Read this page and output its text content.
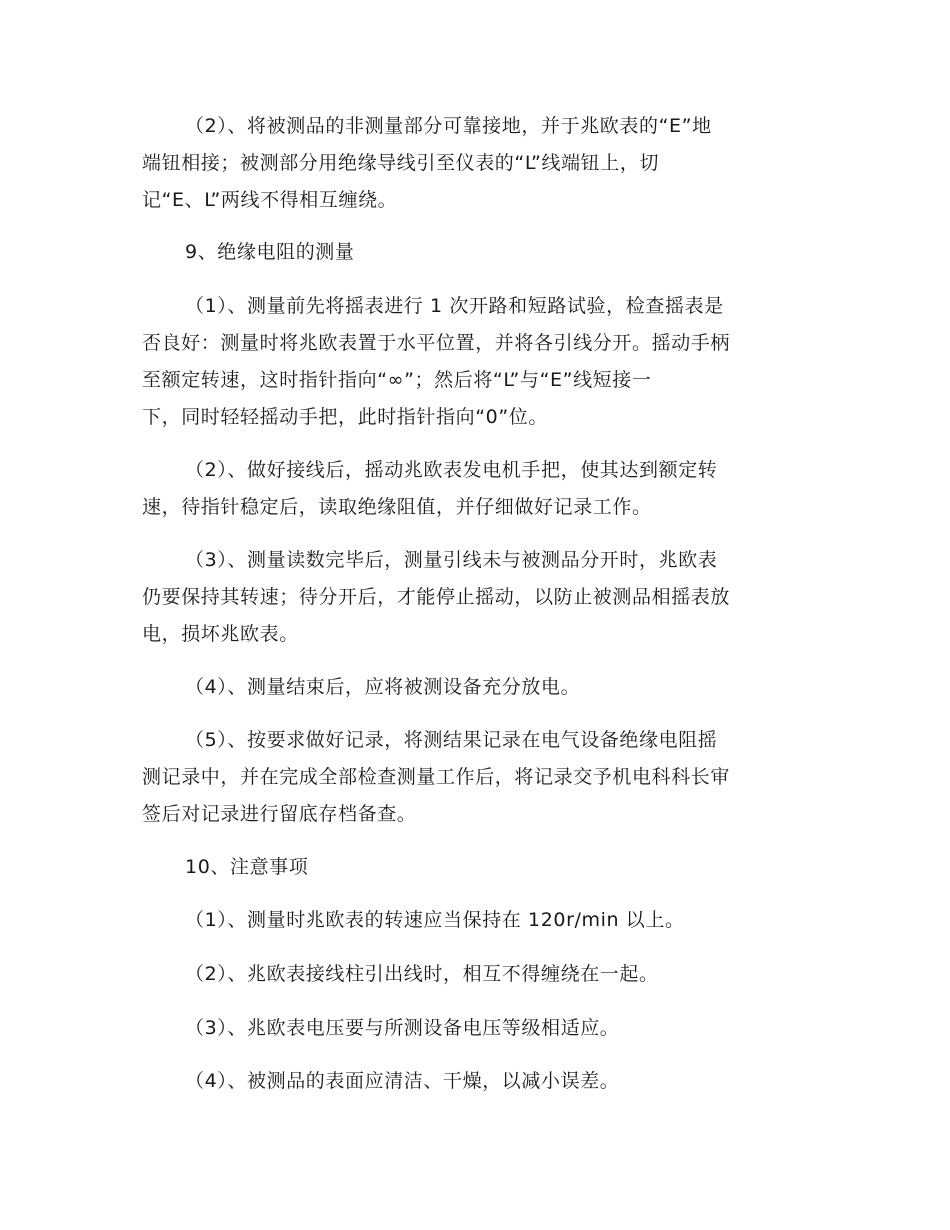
（2）、将被测品的非测量部分可靠接地，并于兆欧表的“E”地
端钮相接；被测部分用绝缘导线引至仪表的“L”线端钮上，切
记“E、L”两线不得相互缠绕。
9、绝缘电阻的测量
（1）、测量前先将摇表进行 1 次开路和短路试验，检查摇表是
否良好：测量时将兆欧表置于水平位置，并将各引线分开。摇动手柄
至额定转速，这时指针指向“∞”；然后将“L”与“E”线短接一
下，同时轻轻摇动手把，此时指针指向“0”位。
（2）、做好接线后，摇动兆欧表发电机手把，使其达到额定转
速，待指针稳定后，读取绝缘阻值，并仔细做好记录工作。
（3）、测量读数完毕后，测量引线未与被测品分开时，兆欧表
仍要保持其转速；待分开后，才能停止摇动，以防止被测品相摇表放
电，损坏兆欧表。
（4）、测量结束后，应将被测设备充分放电。
（5）、按要求做好记录，将测结果记录在电气设备绝缘电阻摇
测记录中，并在完成全部检查测量工作后，将记录交予机电科科长审
签后对记录进行留底存档备查。
10、注意事项
（1）、测量时兆欧表的转速应当保持在 120r/min 以上。
（2）、兆欧表接线柱引出线时，相互不得缠绕在一起。
（3）、兆欧表电压要与所测设备电压等级相适应。
（4）、被测品的表面应清洁、干燥，以减小误差。
